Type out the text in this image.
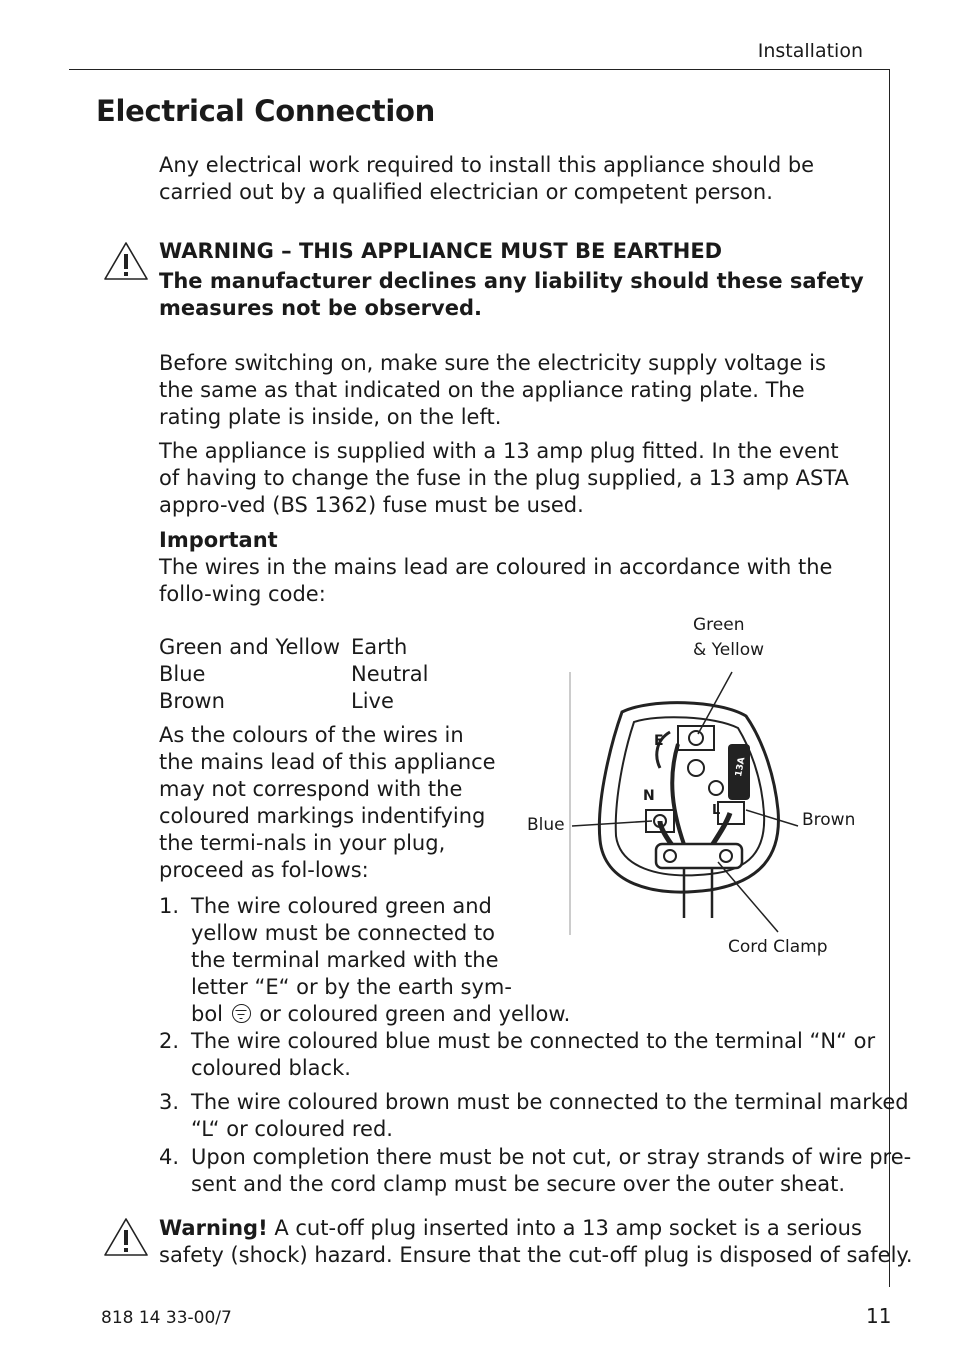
Installation
Electrical Connection
Any electrical work required to install this appliance should be carried out by a qualified electrician or competent person.
WARNING – THIS APPLIANCE MUST BE EARTHED
The manufacturer declines any liability should these safety measures not be observed.
Before switching on, make sure the electricity supply voltage is the same as that indicated on the appliance rating plate. The rating plate is inside, on the left.
The appliance is supplied with a 13 amp plug fitted. In the event of having to change the fuse in the plug supplied, a 13 amp ASTA appro-ved (BS 1362) fuse must be used.
Important
The wires in the mains lead are coloured in accordance with the follo-wing code:
Green and Yellow	Earth
Blue	Neutral
Brown	Live
As the colours of the wires in the mains lead of this appliance may not correspond with the coloured markings indentifying the termi-nals in your plug, proceed as fol-lows:
1. The wire coloured green and
yellow must be connected to
the terminal marked with the
letter “E“ or by the earth sym-
bol or coloured green and yellow.
2. The wire coloured blue must be connected to the terminal “N“ or
coloured black.
3. The wire coloured brown must be connected to the terminal marked
“L“ or coloured red.
4. Upon completion there must be not cut, or stray strands of wire pre-
sent and the cord clamp must be secure over the outer sheat.
Green
& Yellow
Blue	Brown
Cord Clamp
E
N
L
13A
Warning! A cut-off plug inserted into a 13 amp socket is a serious
safety (shock) hazard. Ensure that the cut-off plug is disposed of safely.
818 14 33-00/7	11
